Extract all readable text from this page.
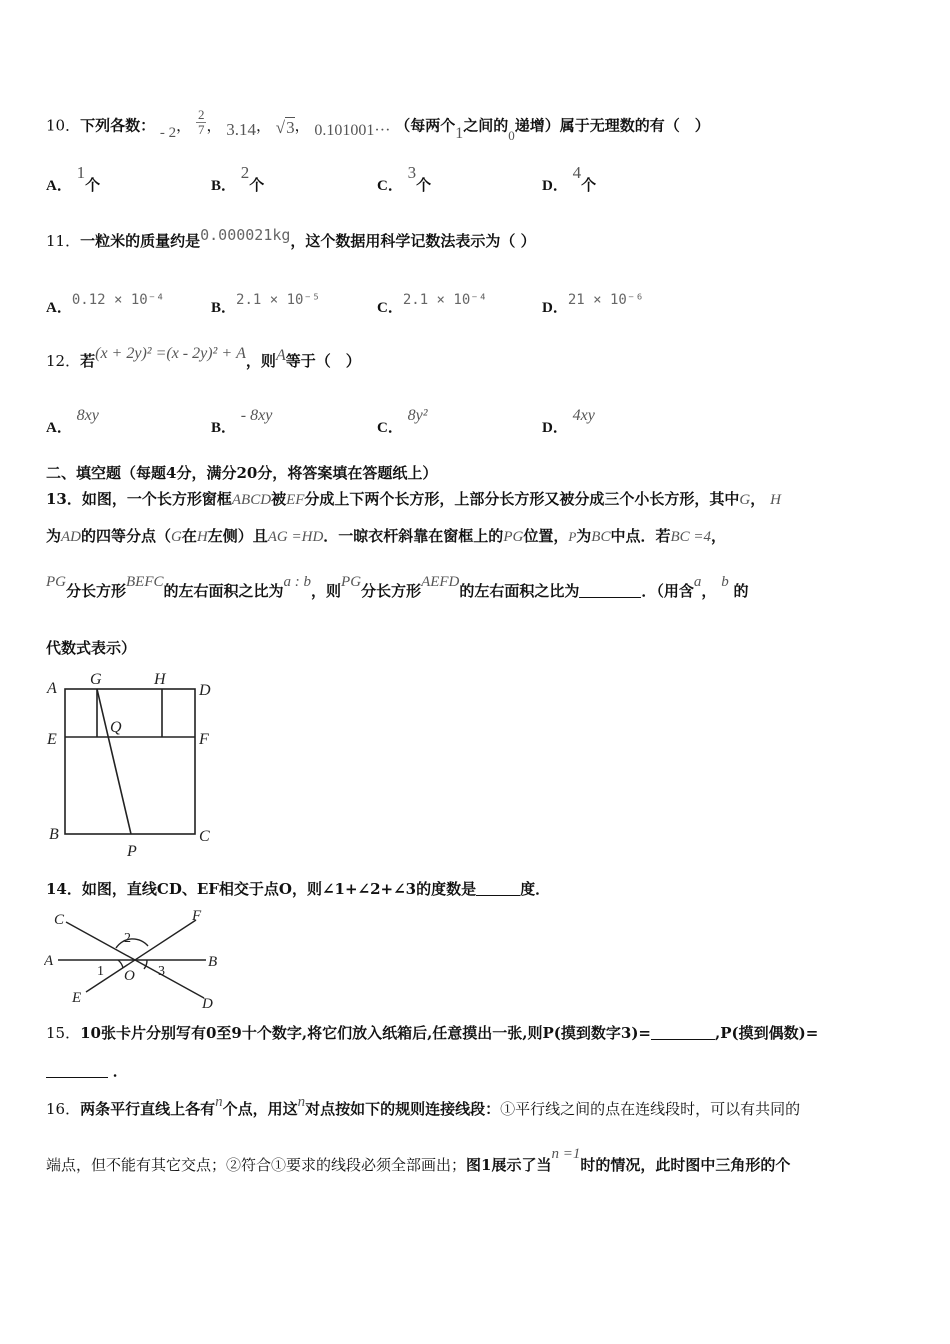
10．下列各数： - 2， $\frac{2}{7}$ ， 3.14， √3， 0.101001··· （每两个1之间的0递增）属于无理数的有（　）
A． 1个	B． 2个	C． 3个	D． 4个
11．一粒米的质量约是0.000021kg，这个数据用科学记数法表示为（ ）
A．0.12 × 10⁻⁴	B．2.1 × 10⁻⁵	C．2.1 × 10⁻⁴	D．21 × 10⁻⁶
12．若(x + 2y)² =(x - 2y)² + A，则A等于（　）
A． 8xy
B． - 8xy
C． 8y²
D． 4xy
二、填空题（每题4分，满分20分，将答案填在答题纸上）
13．如图，一个长方形窗框ABCD被EF分成上下两个长方形，上部分长方形又被分成三个小长方形，其中G， H
为AD的四等分点（G在H左侧）且AG =HD．一晾衣杆斜靠在窗框上的PG位置，P为BC中点．若BC =4，
PG分长方形BEFC的左右面积之比为a : b，则PG分长方形AEFD的左右面积之比为	．（用含a， b 的
代数式表示）
A
G	H
D
E
Q
F
B	C
P
14．如图，直线CD、EF相交于点O，则∠1+∠2+∠3的度数是	度．
C	F
A
O
B
E	D
2
1	3
15．10张卡片分别写有0至9十个数字,将它们放入纸箱后,任意摸出一张,则P(摸到数字3)=	,P(摸到偶数)=
．
16．两条平行直线上各有n个点，用这n对点按如下的规则连接线段：①平行线之间的点在连线段时，可以有共同的
端点，但不能有其它交点；②符合①要求的线段必须全部画出；图1展示了当n =1时的情况，此时图中三角形的个
